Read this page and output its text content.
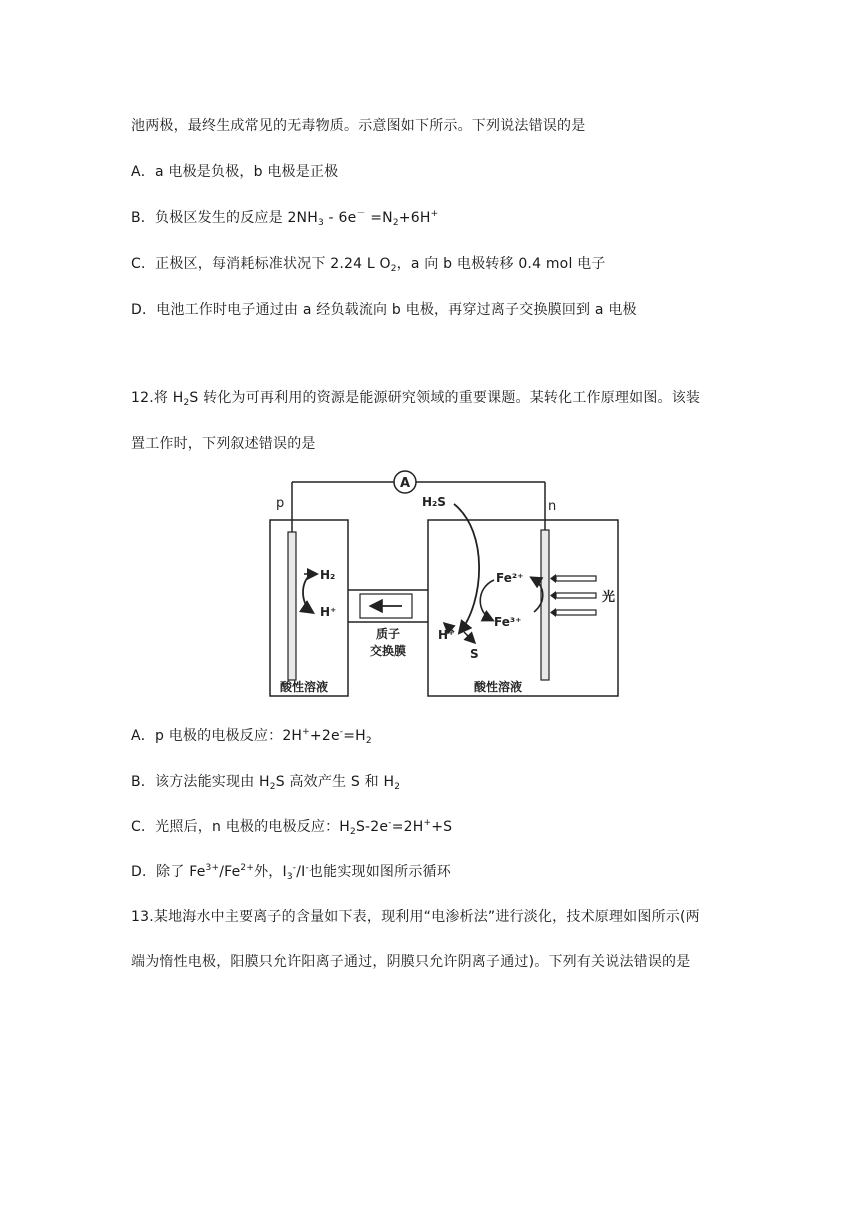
池两极，最终生成常见的无毒物质。示意图如下所示。下列说法错误的是
A．a 电极是负极，b 电极是正极
B．负极区发生的反应是 $2NH_3 - 6e^- =N_2+6H^+$
C．正极区，每消耗标准状况下 2.24 L $O_2$，a 向 b 电极转移 0.4 mol 电子
D．电池工作时电子通过由 a 经负载流向 b 电极，再穿过离子交换膜回到 a 电极
12.将 $H_2S$ 转化为可再利用的资源是能源研究领域的重要课题。某转化工作原理如图。该装
置工作时，下列叙述错误的是
A
p	n
H₂
H⁺
酸性溶液
质子
交换膜
H₂S
H⁺
S
Fe²⁺
Fe³⁺
光
酸性溶液
A．p 电极的电极反应：$2H^++2e^-=H_2$
B．该方法能实现由 $H_2S$ 高效产生 S 和 $H_2$
C．光照后，n 电极的电极反应：$H_2S-2e^-=2H^++S$
D．除了 $Fe^{3+}/Fe^{2+}$外，$I_3^-/I^-$也能实现如图所示循环
13.某地海水中主要离子的含量如下表，现利用“电渗析法”进行淡化，技术原理如图所示(两
端为惰性电极，阳膜只允许阳离子通过，阴膜只允许阴离子通过)。下列有关说法错误的是
